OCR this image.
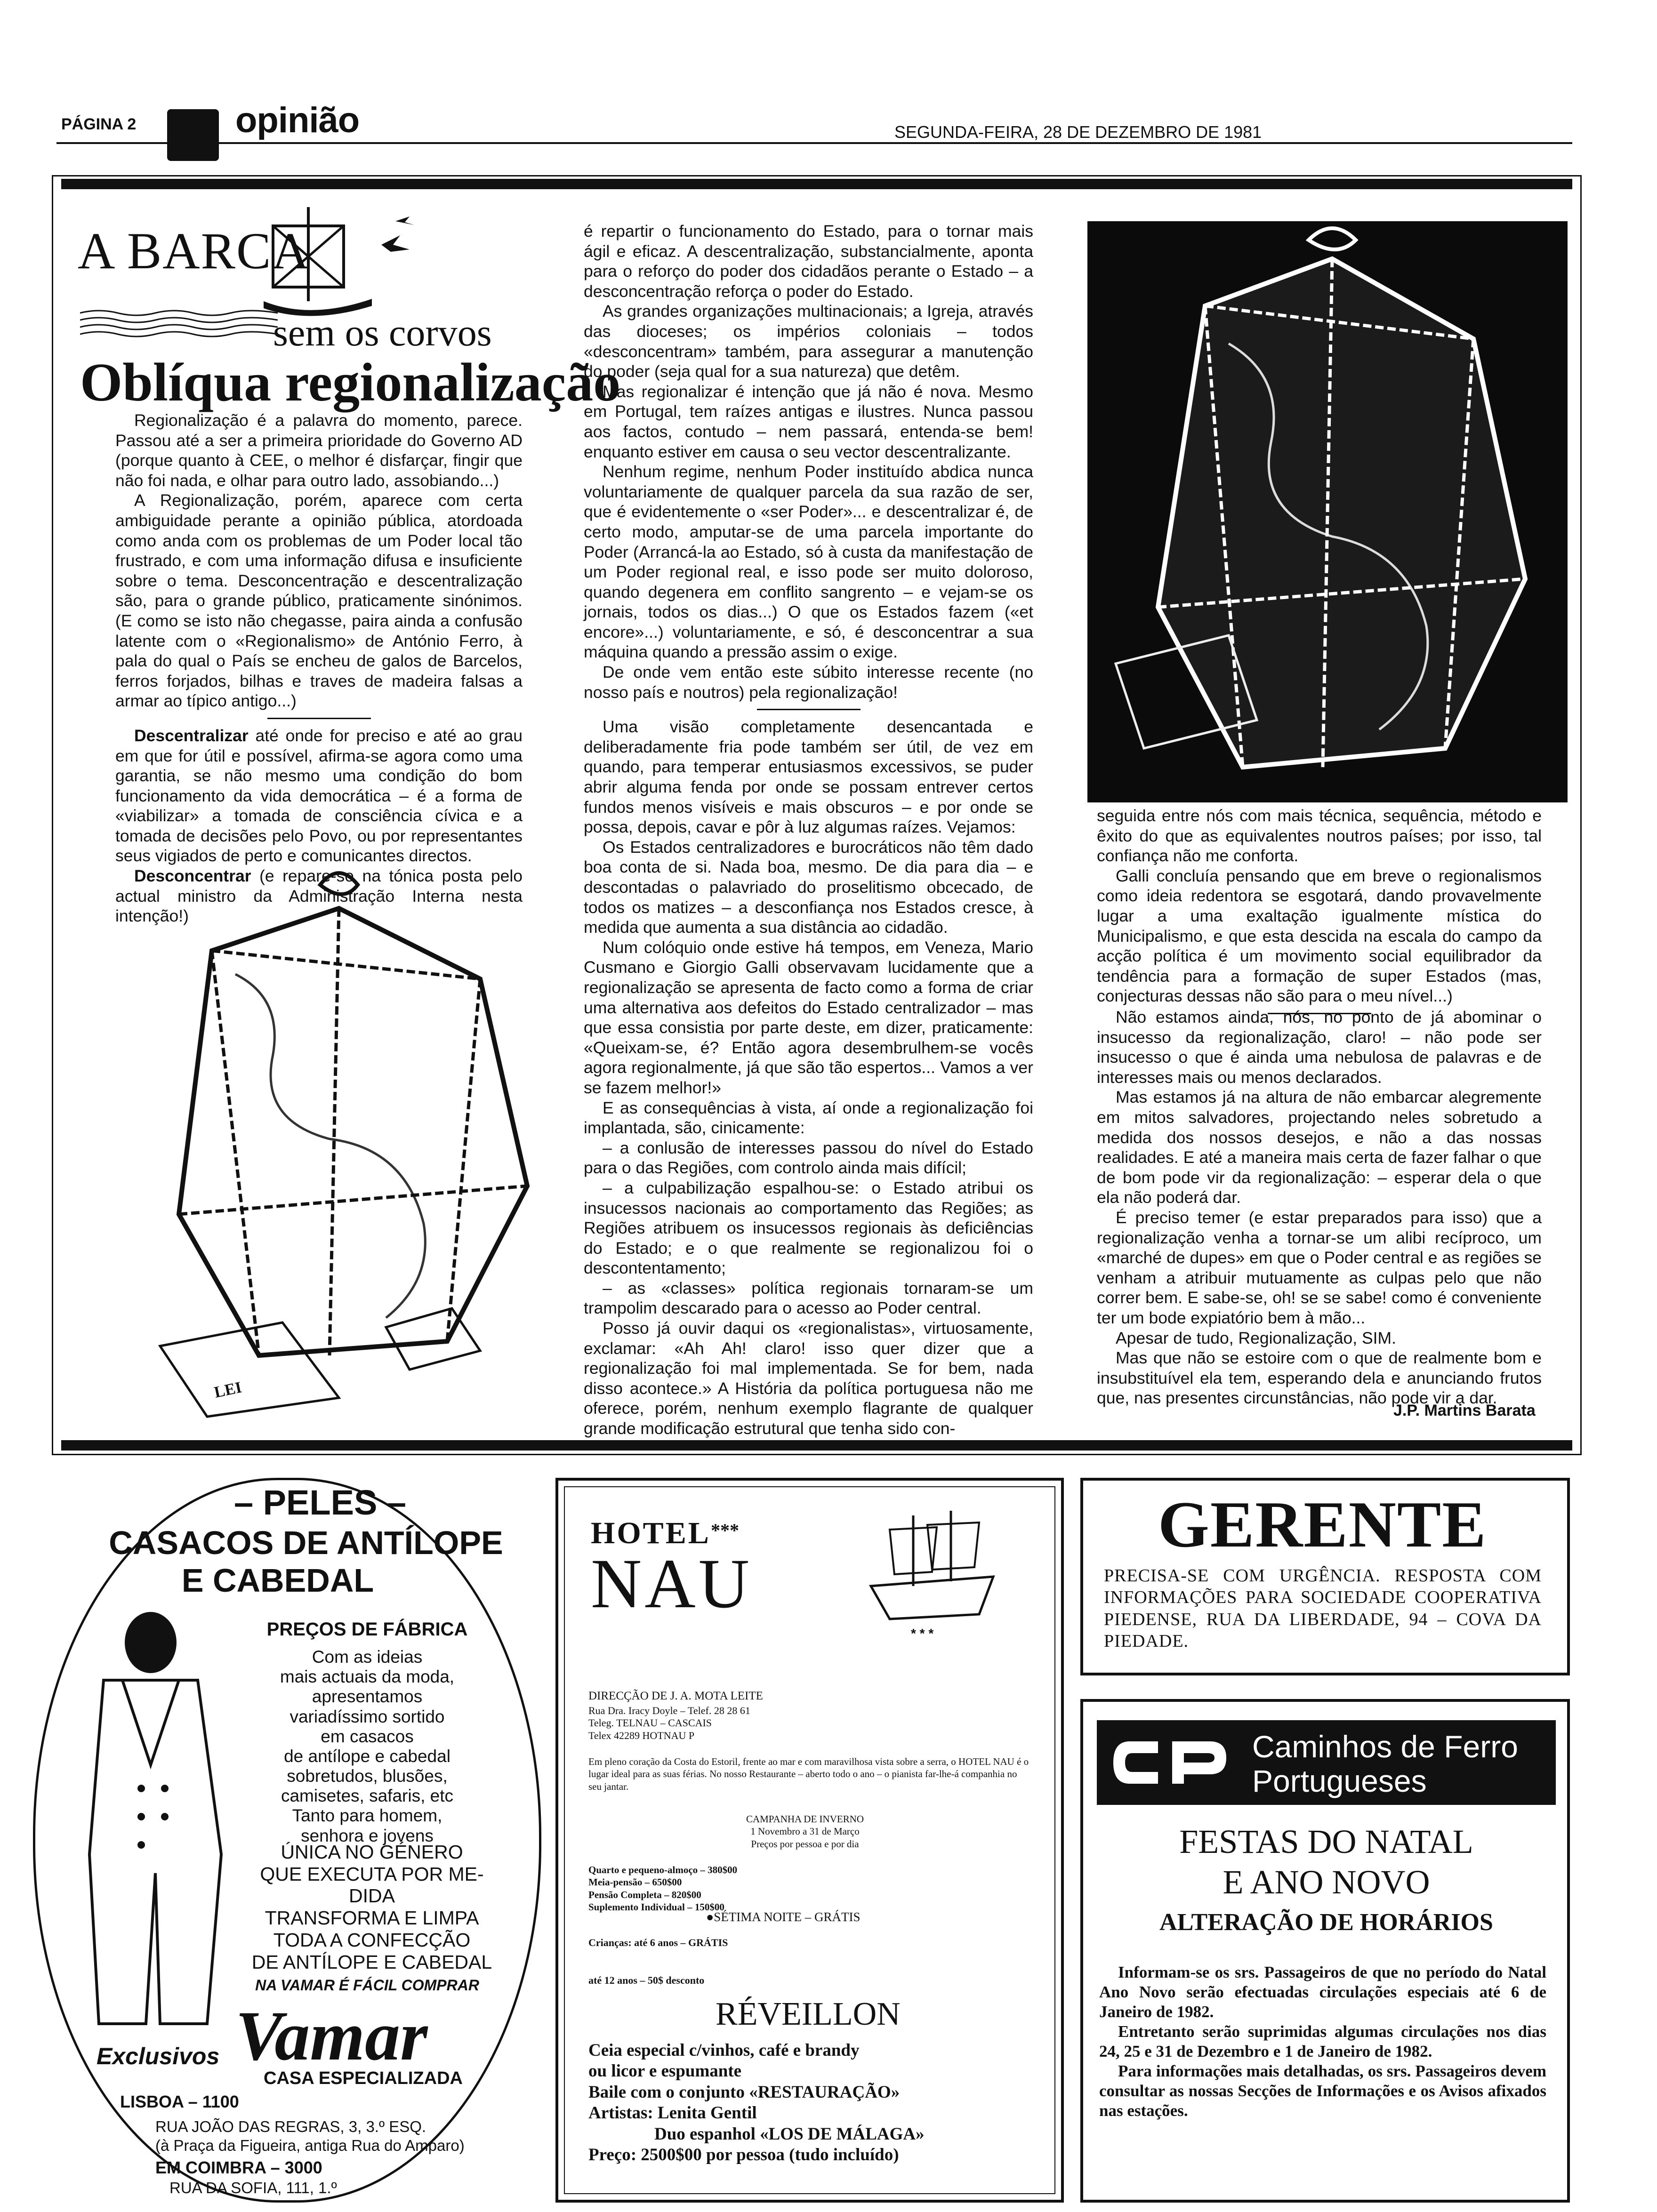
PÁGINA 2	opinião	SEGUNDA-FEIRA, 28 DE DEZEMBRO DE 1981
A BARCA
sem os corvos
Oblíqua regionalização

Regionalização é a palavra do momento, parece. Passou até a ser a primeira prioridade do Governo AD (porque quanto à CEE, o melhor é disfarçar, fingir que não foi nada, e olhar para outro lado, assobiando...)

A Regionalização, porém, aparece com certa ambiguidade perante a opinião pública, atordoada como anda com os problemas de um Poder local tão frustrado, e com uma informação difusa e insuficiente sobre o tema. Desconcentração e descentralização são, para o grande público, praticamente sinónimos. (E como se isto não chegasse, paira ainda a confusão latente com o «Regionalismo» de António Ferro, à pala do qual o País se encheu de galos de Barcelos, ferros forjados, bilhas e traves de madeira falsas a armar ao típico antigo...)

Descentralizar até onde for preciso e até ao grau em que for útil e possível, afirma-se agora como uma garantia, se não mesmo uma condição do bom funcionamento da vida democrática – é a forma de «viabilizar» a tomada de consciência cívica e a tomada de decisões pelo Povo, ou por representantes seus vigiados de perto e comunicantes directos.

Desconcentrar (e repare-se na tónica posta pelo actual ministro da Administração Interna nesta intenção!)

LEI

é repartir o funcionamento do Estado, para o tornar mais ágil e eficaz. A descentralização, substancialmente, aponta para o reforço do poder dos cidadãos perante o Estado – a desconcentração reforça o poder do Estado.

As grandes organizações multinacionais; a Igreja, através das dioceses; os impérios coloniais – todos «desconcentram» também, para assegurar a manutenção do poder (seja qual for a sua natureza) que detêm.

Mas regionalizar é intenção que já não é nova. Mesmo em Portugal, tem raízes antigas e ilustres. Nunca passou aos factos, contudo – nem passará, entenda-se bem! enquanto estiver em causa o seu vector descentralizante.

Nenhum regime, nenhum Poder instituído abdica nunca voluntariamente de qualquer parcela da sua razão de ser, que é evidentemente o «ser Poder»... e descentralizar é, de certo modo, amputar-se de uma parcela importante do Poder (Arrancá-la ao Estado, só à custa da manifestação de um Poder regional real, e isso pode ser muito doloroso, quando degenera em conflito sangrento – e vejam-se os jornais, todos os dias...) O que os Estados fazem («et encore»...) voluntariamente, e só, é desconcentrar a sua máquina quando a pressão assim o exige.

De onde vem então este súbito interesse recente (no nosso país e noutros) pela regionalização!

Uma visão completamente desencantada e deliberadamente fria pode também ser útil, de vez em quando, para temperar entusiasmos excessivos, se puder abrir alguma fenda por onde se possam entrever certos fundos menos visíveis e mais obscuros – e por onde se possa, depois, cavar e pôr à luz algumas raízes. Vejamos:

Os Estados centralizadores e burocráticos não têm dado boa conta de si. Nada boa, mesmo. De dia para dia – e descontadas o palavriado do proselitismo obcecado, de todos os matizes – a desconfiança nos Estados cresce, à medida que aumenta a sua distância ao cidadão.

Num colóquio onde estive há tempos, em Veneza, Mario Cusmano e Giorgio Galli observavam lucidamente que a regionalização se apresenta de facto como a forma de criar uma alternativa aos defeitos do Estado centralizador – mas que essa consistia por parte deste, em dizer, praticamente: «Queixam-se, é? Então agora desembrulhem-se vocês agora regionalmente, já que são tão espertos... Vamos a ver se fazem melhor!»

E as consequências à vista, aí onde a regionalização foi implantada, são, cinicamente:

– a conlusão de interesses passou do nível do Estado para o das Regiões, com controlo ainda mais difícil;

– a culpabilização espalhou-se: o Estado atribui os insucessos nacionais ao comportamento das Regiões; as Regiões atribuem os insucessos regionais às deficiências do Estado; e o que realmente se regionalizou foi o descontentamento;

– as «classes» política regionais tornaram-se um trampolim descarado para o acesso ao Poder central.

Posso já ouvir daqui os «regionalistas», virtuosamente, exclamar: «Ah Ah! claro! isso quer dizer que a regionalização foi mal implementada. Se for bem, nada disso acontece.» A História da política portuguesa não me oferece, porém, nenhum exemplo flagrante de qualquer grande modificação estrutural que tenha sido con-

seguida entre nós com mais técnica, sequência, método e êxito do que as equivalentes noutros países; por isso, tal confiança não me conforta.

Galli concluía pensando que em breve o regionalismos como ideia redentora se esgotará, dando provavelmente lugar a uma exaltação igualmente mística do Municipalismo, e que esta descida na escala do campo da acção política é um movimento social equilibrador da tendência para a formação de super Estados (mas, conjecturas dessas não são para o meu nível...)

Não estamos ainda, nós, no ponto de já abominar o insucesso da regionalização, claro! – não pode ser insucesso o que é ainda uma nebulosa de palavras e de interesses mais ou menos declarados.

Mas estamos já na altura de não embarcar alegremente em mitos salvadores, projectando neles sobretudo a medida dos nossos desejos, e não a das nossas realidades. E até a maneira mais certa de fazer falhar o que de bom pode vir da regionalização: – esperar dela o que ela não poderá dar.

É preciso temer (e estar preparados para isso) que a regionalização venha a tornar-se um alibi recíproco, um «marché de dupes» em que o Poder central e as regiões se venham a atribuir mutuamente as culpas pelo que não correr bem. E sabe-se, oh! se se sabe! como é conveniente ter um bode expiatório bem à mão...

Apesar de tudo, Regionalização, SIM.

Mas que não se estoire com o que de realmente bom e insubstituível ela tem, esperando dela e anunciando frutos que, nas presentes circunstâncias, não pode vir a dar.

J.P. Martins Barata
– PELES –
CASACOS DE ANTÍLOPE
E CABEDAL
PREÇOS DE FÁBRICA
Com as ideias
mais actuais da moda,
apresentamos
variadíssimo sortido
em casacos
de antílope e cabedal
sobretudos, blusões,
camisetes, safaris, etc
Tanto para homem,
senhora e jovens
ÚNICA NO GÉNERO
QUE EXECUTA POR ME-
DIDA
TRANSFORMA E LIMPA
TODA A CONFECÇÃO
DE ANTÍLOPE E CABEDAL
NA VAMAR É FÁCIL COMPRAR
Exclusivos Vamar
LISBOA – 1100
CASA ESPECIALIZADA
RUA JOÃO DAS REGRAS, 3, 3.º ESQ.
(à Praça da Figueira, antiga Rua do Amparo)
EM COIMBRA – 3000
RUA DA SOFIA, 111, 1.º
HOTEL ***
NAU
* * *
DIRECÇÃO DE J. A. MOTA LEITE
Rua Dra. Iracy Doyle – Telef. 28 28 61
Teleg. TELNAU – CASCAIS
Telex 42289 HOTNAU P
Em pleno coração da Costa do Estoril, frente ao mar e com maravilhosa vista sobre a serra, o HOTEL NAU é o lugar ideal para as suas férias. No nosso Restaurante – aberto todo o ano – o pianista far-lhe-á companhia no seu jantar.
CAMPANHA DE INVERNO
1 Novembro a 31 de Março
Preços por pessoa e por dia
Quarto e pequeno-almoço – 380$00
Meia-pensão – 650$00
Pensão Completa – 820$00
Suplemento Individual – 150$00
●SÉTIMA NOITE – GRÁTIS
Crianças: até 6 anos – GRÁTIS
até 12 anos – 50$ desconto
RÉVEILLON
Ceia especial c/vinhos, café e brandy
ou licor e espumante
Baile com o conjunto «RESTAURAÇÃO»
Artistas: Lenita Gentil
Duo espanhol «LOS DE MÁLAGA»
Preço: 2500$00 por pessoa (tudo incluído)
GERENTE
PRECISA-SE COM URGÊNCIA. RESPOSTA COM INFORMAÇÕES PARA SOCIEDADE COOPERATIVA PIEDENSE, RUA DA LIBERDADE, 94 – COVA DA PIEDADE.
Caminhos de Ferro
Portugueses
FESTAS DO NATAL
E ANO NOVO
ALTERAÇÃO DE HORÁRIOS

Informam-se os srs. Passageiros de que no período do Natal Ano Novo serão efectuadas circulações especiais até 6 de Janeiro de 1982.

Entretanto serão suprimidas algumas circulações nos dias 24, 25 e 31 de Dezembro e 1 de Janeiro de 1982.

Para informações mais detalhadas, os srs. Passageiros devem consultar as nossas Secções de Informações e os Avisos afixados nas estações.
